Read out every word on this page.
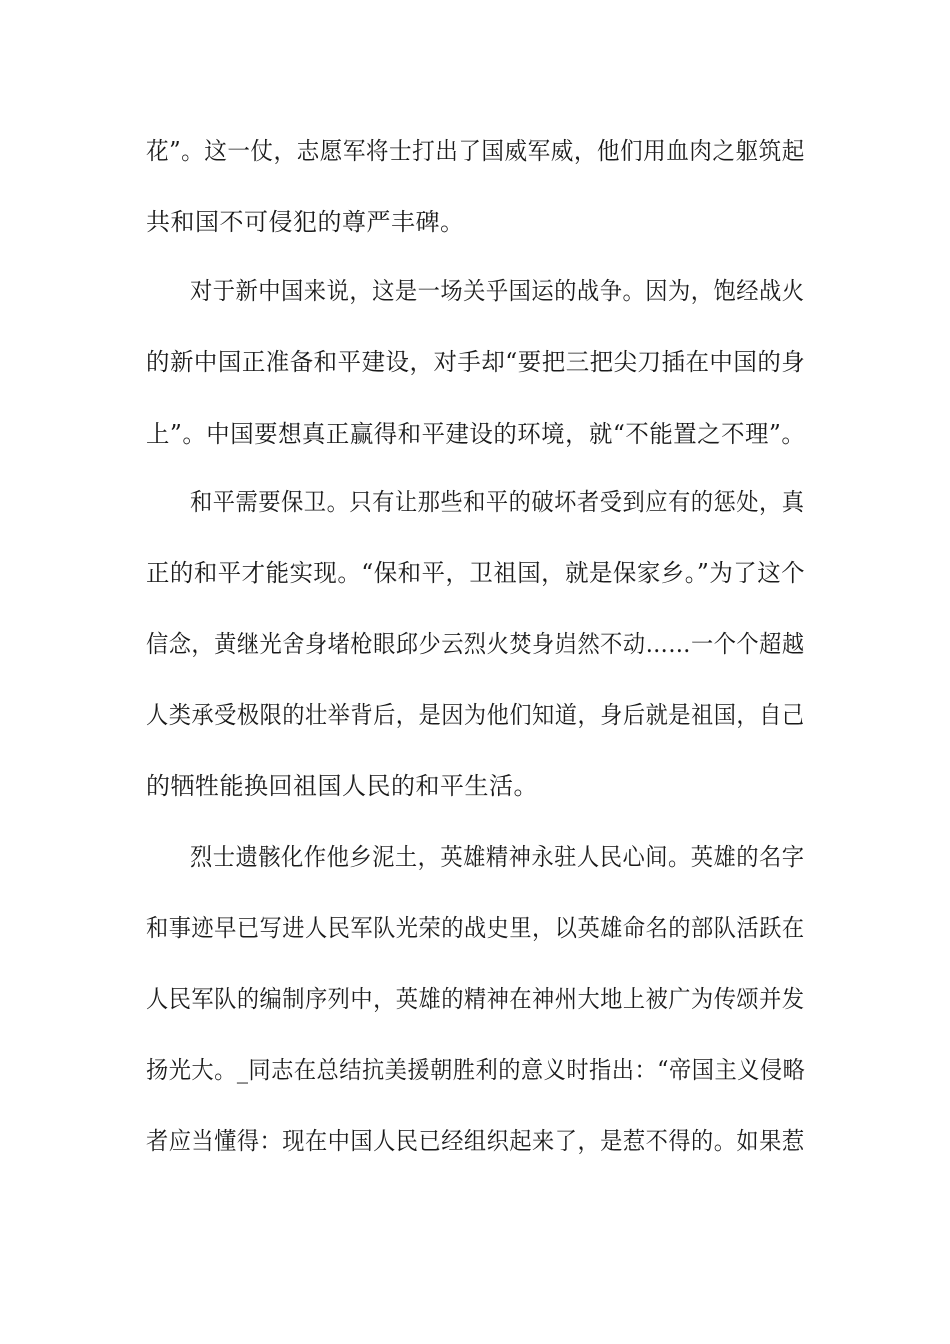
花”。这一仗，志愿军将士打出了国威军威，他们用血肉之躯筑起
共和国不可侵犯的尊严丰碑。
对于新中国来说，这是一场关乎国运的战争。因为，饱经战火
的新中国正准备和平建设，对手却“要把三把尖刀插在中国的身
上”。中国要想真正赢得和平建设的环境，就“不能置之不理”。
和平需要保卫。只有让那些和平的破坏者受到应有的惩处，真
正的和平才能实现。“保和平，卫祖国，就是保家乡。”为了这个
信念，黄继光舍身堵枪眼邱少云烈火焚身岿然不动……一个个超越
人类承受极限的壮举背后，是因为他们知道，身后就是祖国，自己
的牺牲能换回祖国人民的和平生活。
烈士遗骸化作他乡泥土，英雄精神永驻人民心间。英雄的名字
和事迹早已写进人民军队光荣的战史里，以英雄命名的部队活跃在
人民军队的编制序列中，英雄的精神在神州大地上被广为传颂并发
扬光大。_同志在总结抗美援朝胜利的意义时指出：“帝国主义侵略
者应当懂得：现在中国人民已经组织起来了，是惹不得的。如果惹
